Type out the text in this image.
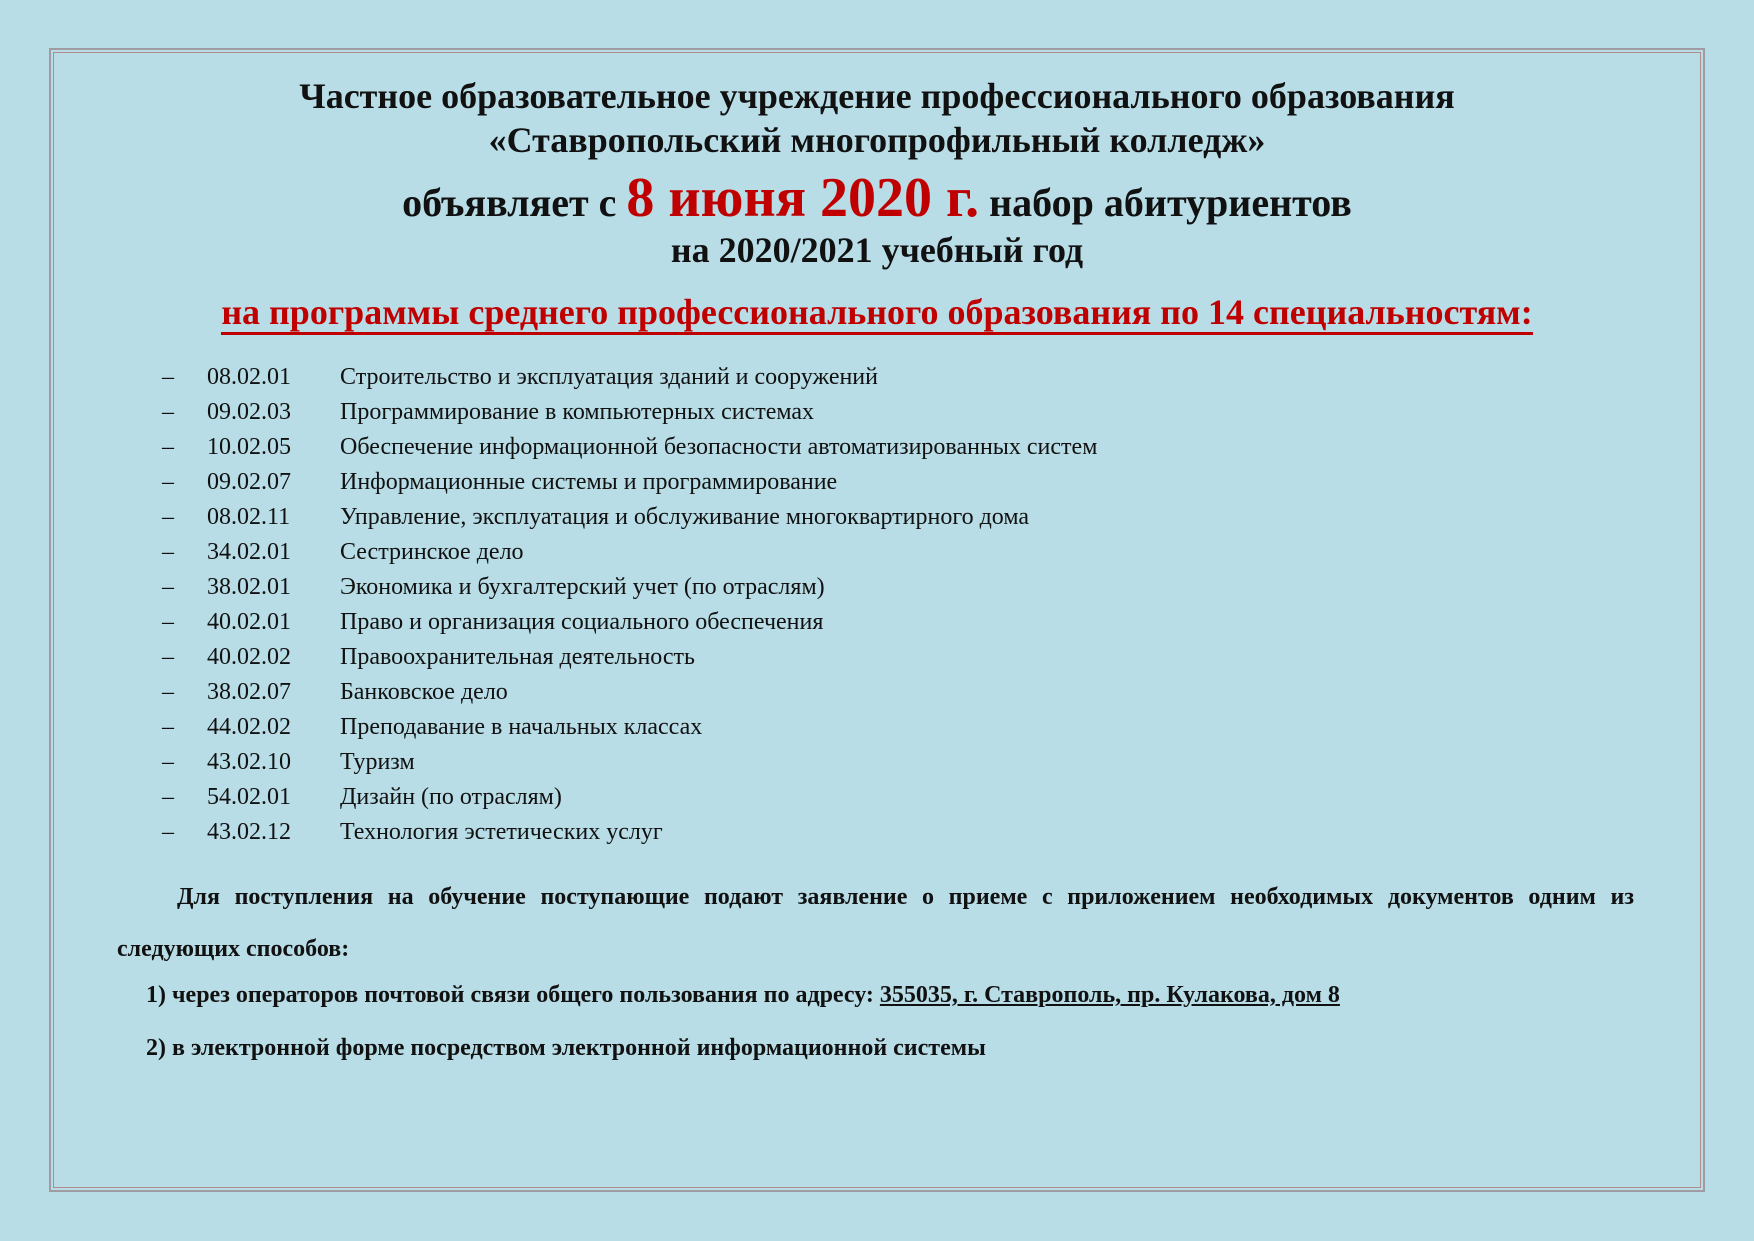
Частное образовательное учреждение профессионального образования
«Ставропольский многопрофильный колледж»
объявляет с 8 июня 2020 г. набор абитуриентов
на 2020/2021 учебный год
на программы среднего профессионального образования по 14 специальностям:
– 08.02.01 Строительство и эксплуатация зданий и сооружений
– 09.02.03 Программирование в компьютерных системах
– 10.02.05 Обеспечение информационной безопасности автоматизированных систем
– 09.02.07 Информационные системы и программирование
– 08.02.11 Управление, эксплуатация и обслуживание многоквартирного дома
– 34.02.01 Сестринское дело
– 38.02.01 Экономика и бухгалтерский учет (по отраслям)
– 40.02.01 Право и организация социального обеспечения
– 40.02.02 Правоохранительная деятельность
– 38.02.07 Банковское дело
– 44.02.02 Преподавание в начальных классах
– 43.02.10 Туризм
– 54.02.01 Дизайн (по отраслям)
– 43.02.12 Технология эстетических услуг
Для поступления на обучение поступающие подают заявление о приеме с приложением необходимых документов одним из следующих способов:
1) через операторов почтовой связи общего пользования по адресу: 355035, г. Ставрополь, пр. Кулакова, дом 8
2) в электронной форме посредством электронной информационной системы
